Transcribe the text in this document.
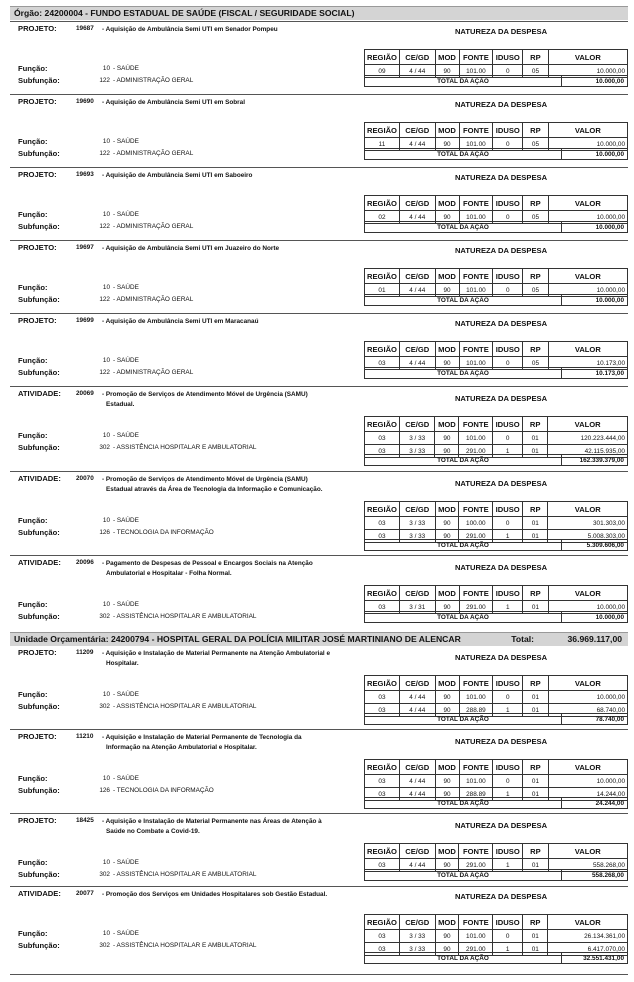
Órgão: 24200004 - FUNDO ESTADUAL DE SAÚDE (FISCAL / SEGURIDADE SOCIAL)
Unidade Orçamentária: 24200794 - HOSPITAL GERAL DA POLÍCIA MILITAR JOSÉ MARTINIANO DE ALENCAR	Total:	36.969.117,00
PROJETO:	19687 - Aquisição de Ambulância Semi UTI em Senador Pompeu	NATUREZA DA DESPESA
REGIÃO	CE/GD	MOD	FONTE	IDUSO	RP	VALOR
09	4 / 44	90	101.00	0	05	10.000,00
TOTAL DA AÇÃO	10.000,00
Função:	10 - SAÚDE
Subfunção:	122 - ADMINISTRAÇÃO GERAL
PROJETO:	19690 - Aquisição de Ambulância Semi UTI em Sobral	NATUREZA DA DESPESA
REGIÃO	CE/GD	MOD	FONTE	IDUSO	RP	VALOR
11	4 / 44	90	101.00	0	05	10.000,00
TOTAL DA AÇÃO	10.000,00
Função:	10 - SAÚDE
Subfunção:	122 - ADMINISTRAÇÃO GERAL
PROJETO:	19693 - Aquisição de Ambulância Semi UTI em Saboeiro	NATUREZA DA DESPESA
REGIÃO	CE/GD	MOD	FONTE	IDUSO	RP	VALOR
02	4 / 44	90	101.00	0	05	10.000,00
TOTAL DA AÇÃO	10.000,00
Função:	10 - SAÚDE
Subfunção:	122 - ADMINISTRAÇÃO GERAL
PROJETO:	19697 - Aquisição de Ambulância Semi UTI em Juazeiro do Norte	NATUREZA DA DESPESA
REGIÃO	CE/GD	MOD	FONTE	IDUSO	RP	VALOR
01	4 / 44	90	101.00	0	05	10.000,00
TOTAL DA AÇÃO	10.000,00
Função:	10 - SAÚDE
Subfunção:	122 - ADMINISTRAÇÃO GERAL
PROJETO:	19699 - Aquisição de Ambulância Semi UTI em Maracanaú	NATUREZA DA DESPESA
REGIÃO	CE/GD	MOD	FONTE	IDUSO	RP	VALOR
03	4 / 44	90	101.00	0	05	10.173,00
TOTAL DA AÇÃO	10.173,00
Função:	10 - SAÚDE
Subfunção:	122 - ADMINISTRAÇÃO GERAL
ATIVIDADE: 20069 - Promoção de Serviços de Atendimento Móvel de Urgência (SAMU)
Estadual.
NATUREZA DA DESPESA
REGIÃO	CE/GD	MOD	FONTE	IDUSO	RP	VALOR
03	3 / 33	90	101.00	0	01	120.223.444,00
03	3 / 33	90	291.00	1	01	42.115.935,00
TOTAL DA AÇÃO	162.339.379,00
Função:	10 - SAÚDE
Subfunção:	302 - ASSISTÊNCIA HOSPITALAR E AMBULATORIAL
ATIVIDADE: 20070 - Promoção de Serviços de Atendimento Móvel de Urgência (SAMU)
Estadual através da Área de Tecnologia da Informação e Comunicação.
NATUREZA DA DESPESA
REGIÃO	CE/GD	MOD	FONTE	IDUSO	RP	VALOR
03	3 / 33	90	100.00	0	01	301.303,00
03	3 / 33	90	291.00	1	01	5.008.303,00
TOTAL DA AÇÃO	5.309.606,00
Função:	10 - SAÚDE
Subfunção:	126 - TECNOLOGIA DA INFORMAÇÃO
ATIVIDADE: 20096 - Pagamento de Despesas de Pessoal e Encargos Sociais na Atenção
Ambulatorial e Hospitalar - Folha Normal.
NATUREZA DA DESPESA
REGIÃO	CE/GD	MOD	FONTE	IDUSO	RP	VALOR
03	3 / 31	90	291.00	1	01	10.000,00
TOTAL DA AÇÃO	10.000,00
Função:	10 - SAÚDE
Subfunção:	302 - ASSISTÊNCIA HOSPITALAR E AMBULATORIAL
PROJETO:	11209 - Aquisição e Instalação de Material Permanente na Atenção Ambulatorial e
Hospitalar.
NATUREZA DA DESPESA
REGIÃO	CE/GD	MOD	FONTE	IDUSO	RP	VALOR
03	4 / 44	90	101.00	0	01	10.000,00
03	4 / 44	90	288.89	1	01	68.740,00
TOTAL DA AÇÃO	78.740,00
Função:	10 - SAÚDE
Subfunção:	302 - ASSISTÊNCIA HOSPITALAR E AMBULATORIAL
PROJETO:	11210 - Aquisição e Instalação de Material Permanente de Tecnologia da
Informação na Atenção Ambulatorial e Hospitalar.
NATUREZA DA DESPESA
REGIÃO	CE/GD	MOD	FONTE	IDUSO	RP	VALOR
03	4 / 44	90	101.00	0	01	10.000,00
03	4 / 44	90	288.89	1	01	14.244,00
TOTAL DA AÇÃO	24.244,00
Função:	10 - SAÚDE
Subfunção:	126 - TECNOLOGIA DA INFORMAÇÃO
PROJETO:	18425 - Aquisição e Instalação de Material Permanente nas Áreas de Atenção à
Saúde no Combate a Covid-19.
NATUREZA DA DESPESA
REGIÃO	CE/GD	MOD	FONTE	IDUSO	RP	VALOR
03	4 / 44	90	291.00	1	01	558.268,00
TOTAL DA AÇÃO	558.268,00
Função:	10 - SAÚDE
Subfunção:	302 - ASSISTÊNCIA HOSPITALAR E AMBULATORIAL
ATIVIDADE: 20077 - Promoção dos Serviços em Unidades Hospitalares sob Gestão Estadual.	NATUREZA DA DESPESA
REGIÃO	CE/GD	MOD	FONTE	IDUSO	RP	VALOR
03	3 / 33	90	101.00	0	01	26.134.361,00
03	3 / 33	90	291.00	1	01	6.417.070,00
TOTAL DA AÇÃO	32.551.431,00
Função:	10 - SAÚDE
Subfunção:	302 - ASSISTÊNCIA HOSPITALAR E AMBULATORIAL
